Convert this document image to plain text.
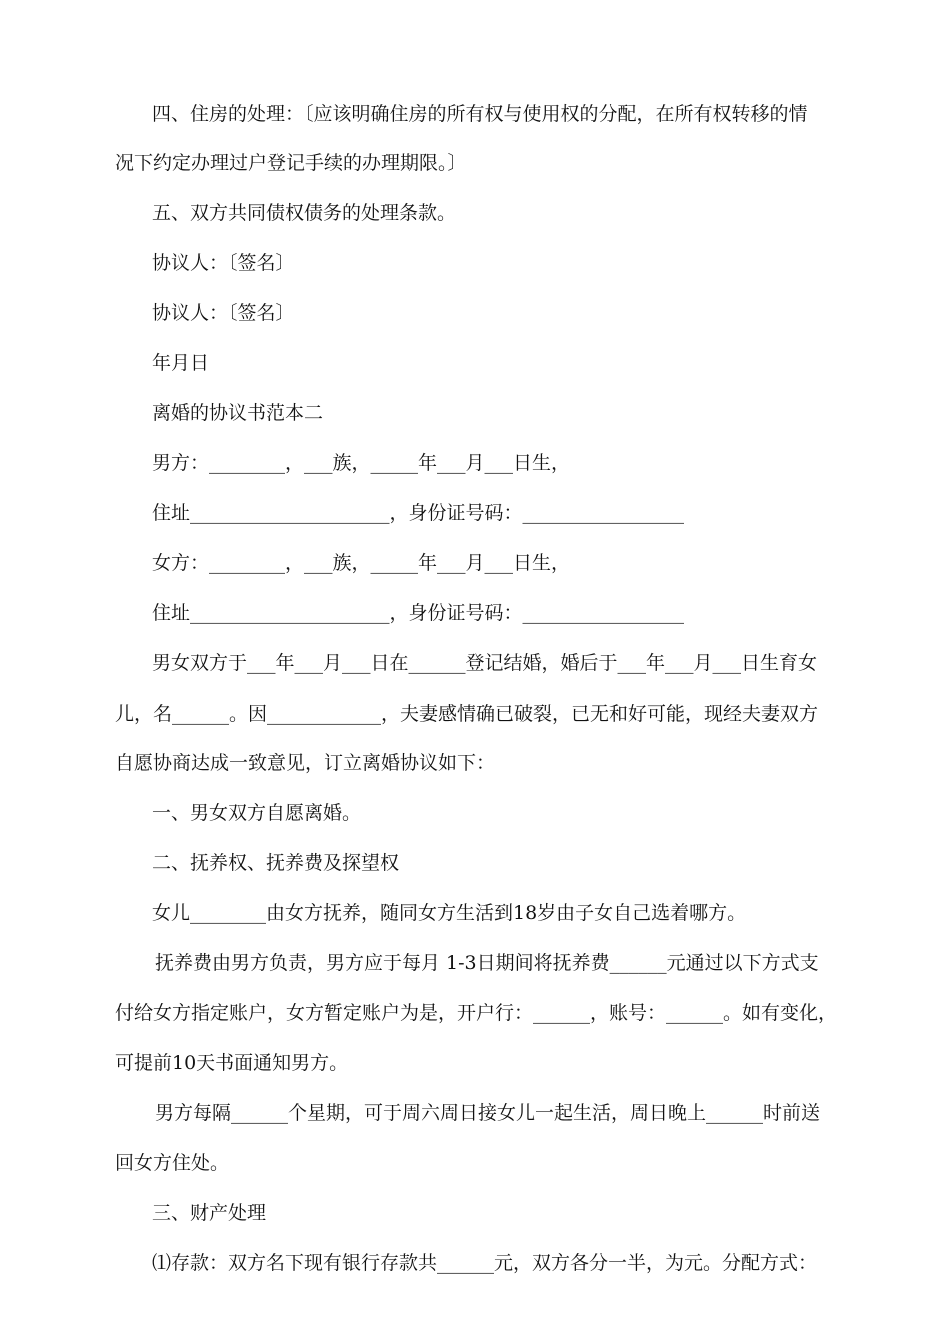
四、住房的处理：〔应该明确住房的所有权与使用权的分配，在所有权转移的情
况下约定办理过户登记手续的办理期限。〕
五、双方共同债权债务的处理条款。
协议人：〔签名〕
协议人：〔签名〕
年月日
离婚的协议书范本二
男方：________，___族，_____年___月___日生，
住址_____________________，身份证号码：_________________
女方：________，___族，_____年___月___日生，
住址_____________________，身份证号码：_________________
男女双方于___年___月___日在______登记结婚，婚后于___年___月___日生育女
儿，名______。因____________，夫妻感情确已破裂，已无和好可能，现经夫妻双方
自愿协商达成一致意见，订立离婚协议如下：
一、男女双方自愿离婚。
二、抚养权、抚养费及探望权
女儿________由女方抚养，随同女方生活到18岁由子女自己选着哪方。
抚养费由男方负责，男方应于每月 1-3日期间将抚养费______元通过以下方式支
付给女方指定账户，女方暂定账户为是，开户行：______，账号：______。如有变化，
可提前10天书面通知男方。
男方每隔______个星期，可于周六周日接女儿一起生活，周日晚上______时前送
回女方住处。
三、财产处理
⑴存款：双方名下现有银行存款共______元，双方各分一半，为元。分配方式：
